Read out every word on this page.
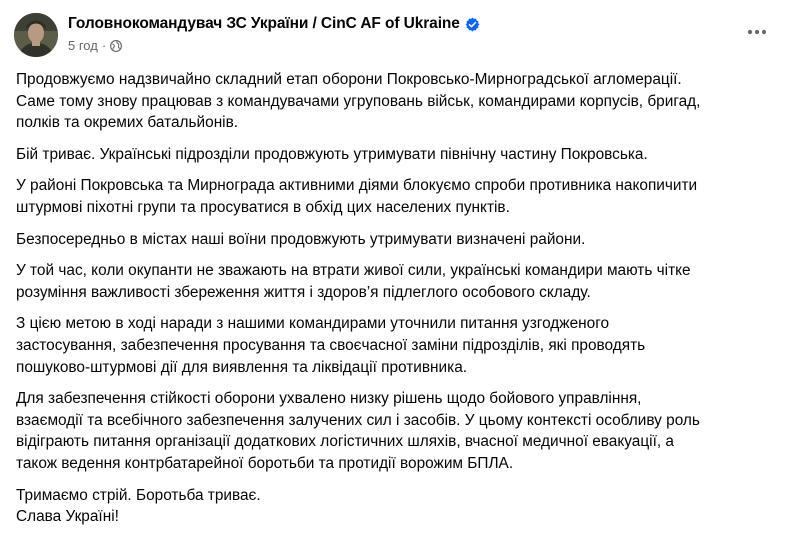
Головнокомандувач ЗС України / CinC AF of Ukraine
5 год ·

Продовжуємо надзвичайно складний етап оборони Покровсько-Мирноградської агломерації.
Саме тому знову працював з командувачами угруповань військ, командирами корпусів, бригад,
полків та окремих батальйонів.

Бій триває. Українські підрозділи продовжують утримувати північну частину Покровська.

У районі Покровська та Мирнограда активними діями блокуємо спроби противника накопичити
штурмові піхотні групи та просуватися в обхід цих населених пунктів.

Безпосередньо в містах наші воїни продовжують утримувати визначені райони.

У той час, коли окупанти не зважають на втрати живої сили, українські командири мають чітке
розуміння важливості збереження життя і здоров’я підлеглого особового складу.

З цією метою в ході наради з нашими командирами уточнили питання узгодженого
застосування, забезпечення просування та своєчасної заміни підрозділів, які проводять
пошуково-штурмові дії для виявлення та ліквідації противника.

Для забезпечення стійкості оборони ухвалено низку рішень щодо бойового управління,
взаємодії та всебічного забезпечення залучених сил і засобів. У цьому контексті особливу роль
відіграють питання організації додаткових логістичних шляхів, вчасної медичної евакуації, а
також ведення контрбатарейної боротьби та протидії ворожим БПЛА.

Тримаємо стрій. Боротьба триває.
Слава Україні!
